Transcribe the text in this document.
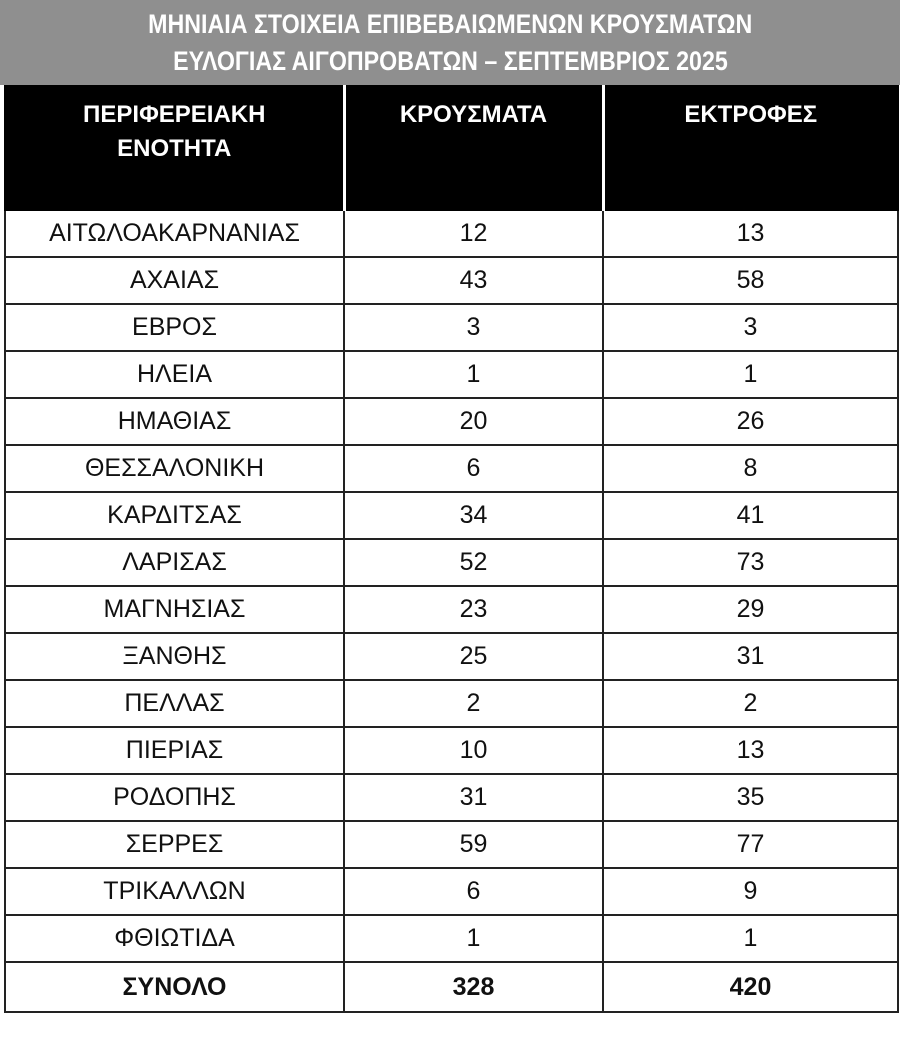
ΜΗΝΙΑΙΑ ΣΤΟΙΧΕΙΑ ΕΠΙΒΕΒΑΙΩΜΕΝΩΝ ΚΡΟΥΣΜΑΤΩΝ
ΕΥΛΟΓΙΑΣ ΑΙΓΟΠΡΟΒΑΤΩΝ – ΣΕΠΤΕΜΒΡΙΟΣ 2025
ΠΕΡΙΦΕΡΕΙΑΚΗ
ΕΝΟΤΗΤΑ	ΚΡΟΥΣΜΑΤΑ	ΕΚΤΡΟΦΕΣ
ΑΙΤΩΛΟΑΚΑΡΝΑΝΙΑΣ	12	13
ΑΧΑΙΑΣ	43	58
ΕΒΡΟΣ	3	3
ΗΛΕΙΑ	1	1
ΗΜΑΘΙΑΣ	20	26
ΘΕΣΣΑΛΟΝΙΚΗ	6	8
ΚΑΡΔΙΤΣΑΣ	34	41
ΛΑΡΙΣΑΣ	52	73
ΜΑΓΝΗΣΙΑΣ	23	29
ΞΑΝΘΗΣ	25	31
ΠΕΛΛΑΣ	2	2
ΠΙΕΡΙΑΣ	10	13
ΡΟΔΟΠΗΣ	31	35
ΣΕΡΡΕΣ	59	77
ΤΡΙΚΑΛΛΩΝ	6	9
ΦΘΙΩΤΙΔΑ	1	1
ΣΥΝΟΛΟ	328	420
